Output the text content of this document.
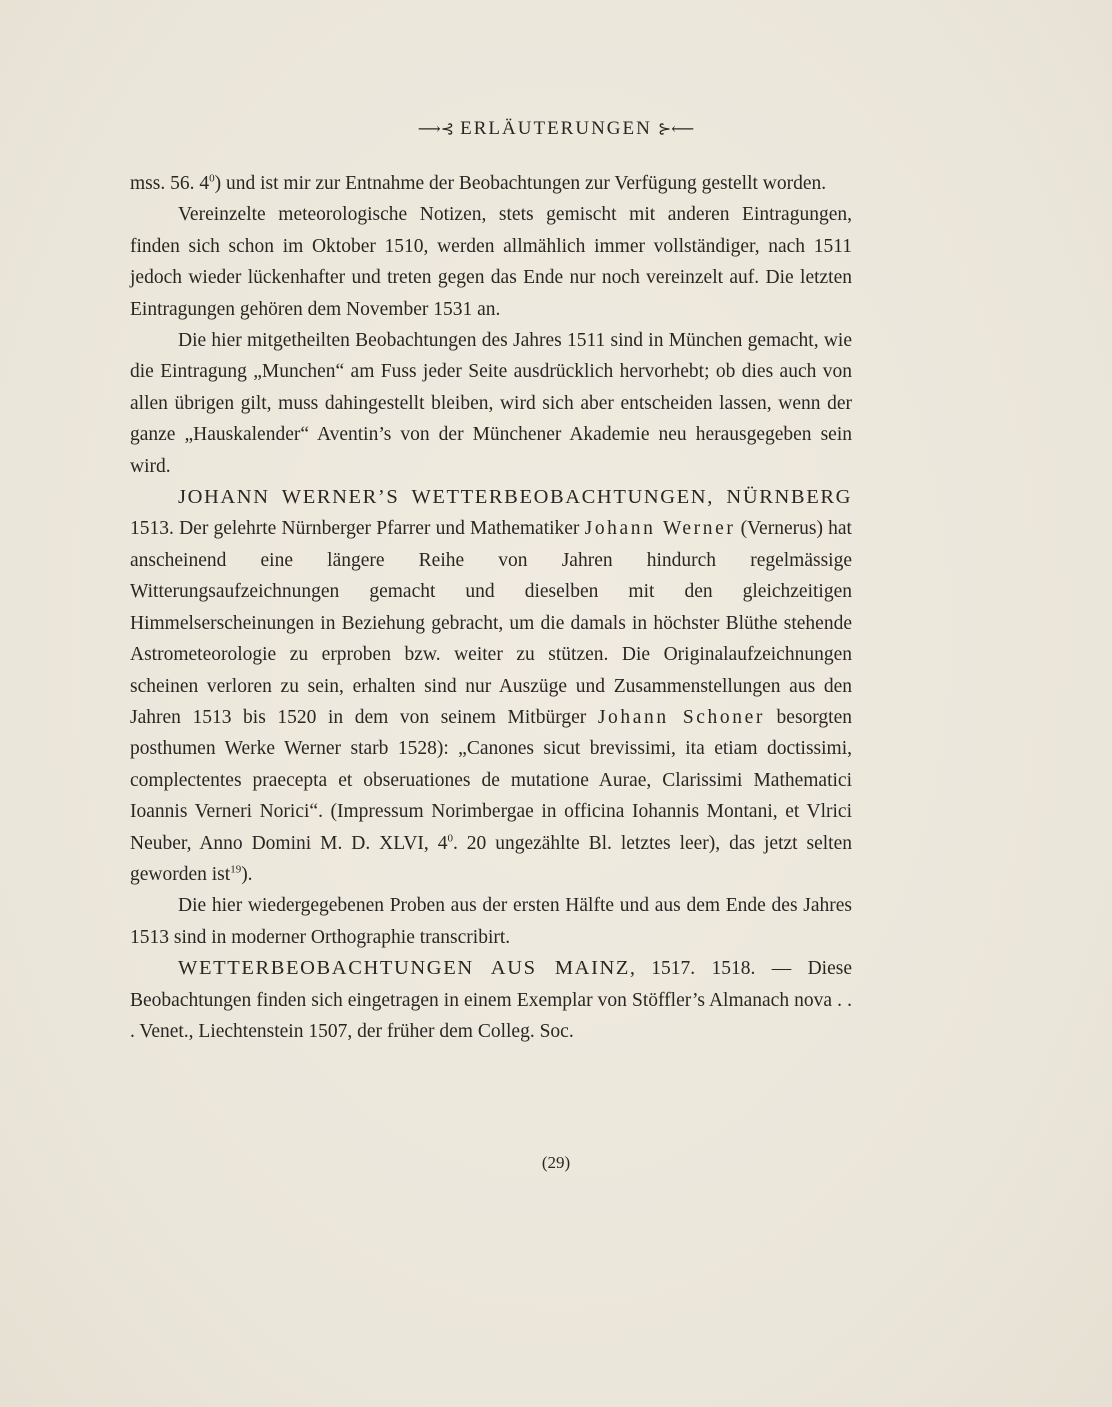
⟶⊰ ERLÄUTERUNGEN ⊱⟵

mss. 56. $4^0$) und ist mir zur Entnahme der Beobachtungen zur Verfügung gestellt worden.

Vereinzelte meteorologische Notizen, stets gemischt mit anderen Eintragungen, finden sich schon im Oktober 1510, werden allmählich immer vollständiger, nach 1511 jedoch wieder lückenhafter und treten gegen das Ende nur noch vereinzelt auf. Die letzten Eintragungen gehören dem November 1531 an.

Die hier mitgetheilten Beobachtungen des Jahres 1511 sind in München gemacht, wie die Eintragung „Munchen“ am Fuss jeder Seite ausdrücklich hervorhebt; ob dies auch von allen übrigen gilt, muss dahingestellt bleiben, wird sich aber entscheiden lassen, wenn der ganze „Hauskalender“ Aventin’s von der Münchener Akademie neu herausgegeben sein wird.

JOHANN WERNER’S WETTERBEOBACHTUNGEN, NÜRNBERG 1513. Der gelehrte Nürnberger Pfarrer und Mathematiker Johann Werner (Vernerus) hat anscheinend eine längere Reihe von Jahren hindurch regelmässige Witterungsaufzeichnungen gemacht und dieselben mit den gleichzeitigen Himmelserscheinungen in Beziehung gebracht, um die damals in höchster Blüthe stehende Astrometeorologie zu erproben bzw. weiter zu stützen. Die Originalaufzeichnungen scheinen verloren zu sein, erhalten sind nur Auszüge und Zusammenstellungen aus den Jahren 1513 bis 1520 in dem von seinem Mitbürger Johann Schoner besorgten posthumen Werke Werner starb 1528): „Canones sicut brevissimi, ita etiam doctissimi, complectentes praecepta et obseruationes de mutatione Aurae, Clarissimi Mathematici Ioannis Verneri Norici“. (Impressum Norimbergae in officina Iohannis Montani, et Vlrici Neuber, Anno Domini M. D. XLVI, $4^0$. 20 ungezählte Bl. letztes leer), das jetzt selten geworden ist$^{19}$).

Die hier wiedergegebenen Proben aus der ersten Hälfte und aus dem Ende des Jahres 1513 sind in moderner Orthographie transcribirt.

WETTERBEOBACHTUNGEN AUS MAINZ, 1517. 1518. — Diese Beobachtungen finden sich eingetragen in einem Exemplar von Stöffler’s Almanach nova . . . Venet., Liechtenstein 1507, der früher dem Colleg. Soc.

(29)
